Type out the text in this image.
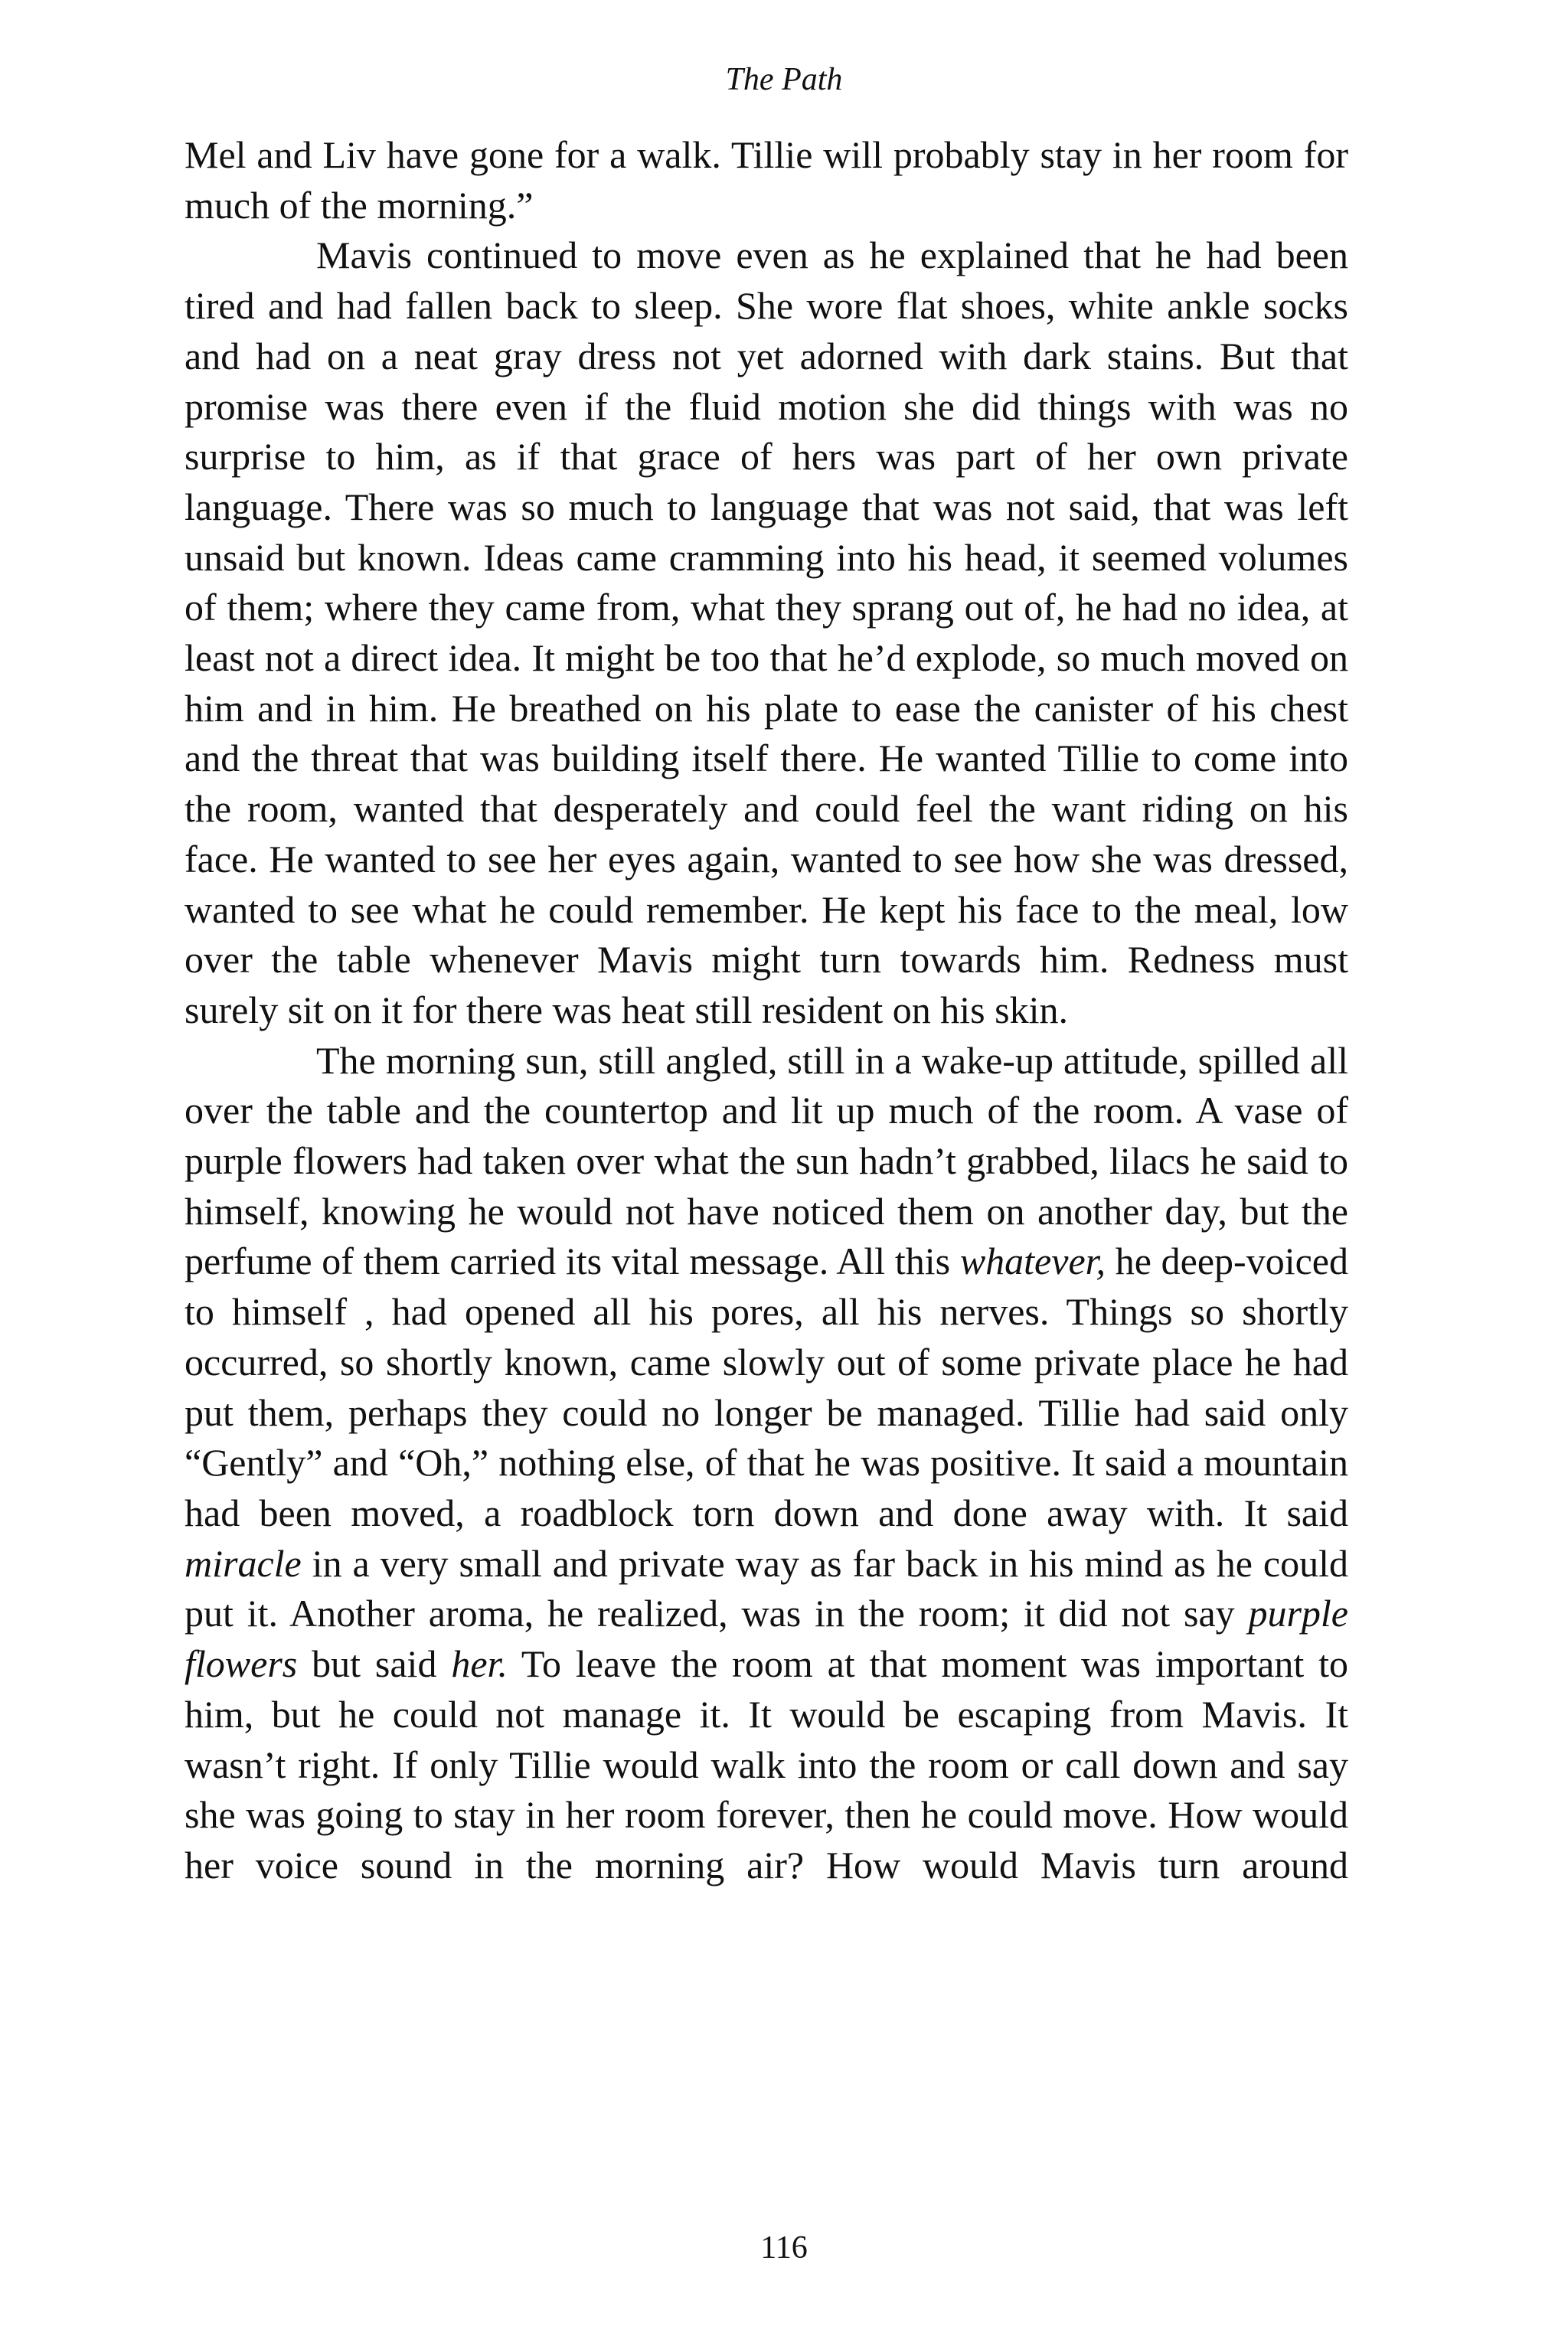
The Path

Mel and Liv have gone for a walk. Tillie will probably stay in her room for much of the morning.”

Mavis continued to move even as he explained that he had been tired and had fallen back to sleep. She wore flat shoes, white ankle socks and had on a neat gray dress not yet adorned with dark stains. But that promise was there even if the fluid motion she did things with was no surprise to him, as if that grace of hers was part of her own private language. There was so much to language that was not said, that was left unsaid but known. Ideas came cramming into his head, it seemed volumes of them; where they came from, what they sprang out of, he had no idea, at least not a direct idea. It might be too that he’d explode, so much moved on him and in him. He breathed on his plate to ease the canister of his chest and the threat that was building itself there. He wanted Tillie to come into the room, wanted that desperately and could feel the want riding on his face. He wanted to see her eyes again, wanted to see how she was dressed, wanted to see what he could remember. He kept his face to the meal, low over the table whenever Mavis might turn towards him. Redness must surely sit on it for there was heat still resident on his skin.

The morning sun, still angled, still in a wake-up attitude, spilled all over the table and the countertop and lit up much of the room. A vase of purple flowers had taken over what the sun hadn’t grabbed, lilacs he said to himself, knowing he would not have noticed them on another day, but the perfume of them carried its vital message. All this whatever, he deep-voiced to himself , had opened all his pores, all his nerves. Things so shortly occurred, so shortly known, came slowly out of some private place he had put them, perhaps they could no longer be managed. Tillie had said only “Gently” and “Oh,” nothing else, of that he was positive. It said a mountain had been moved, a roadblock torn down and done away with. It said miracle in a very small and private way as far back in his mind as he could put it. Another aroma, he realized, was in the room; it did not say purple flowers but said her. To leave the room at that moment was important to him, but he could not manage it. It would be escaping from Mavis. It wasn’t right. If only Tillie would walk into the room or call down and say she was going to stay in her room forever, then he could move. How would her voice sound in the morning air? How would Mavis turn around

116
